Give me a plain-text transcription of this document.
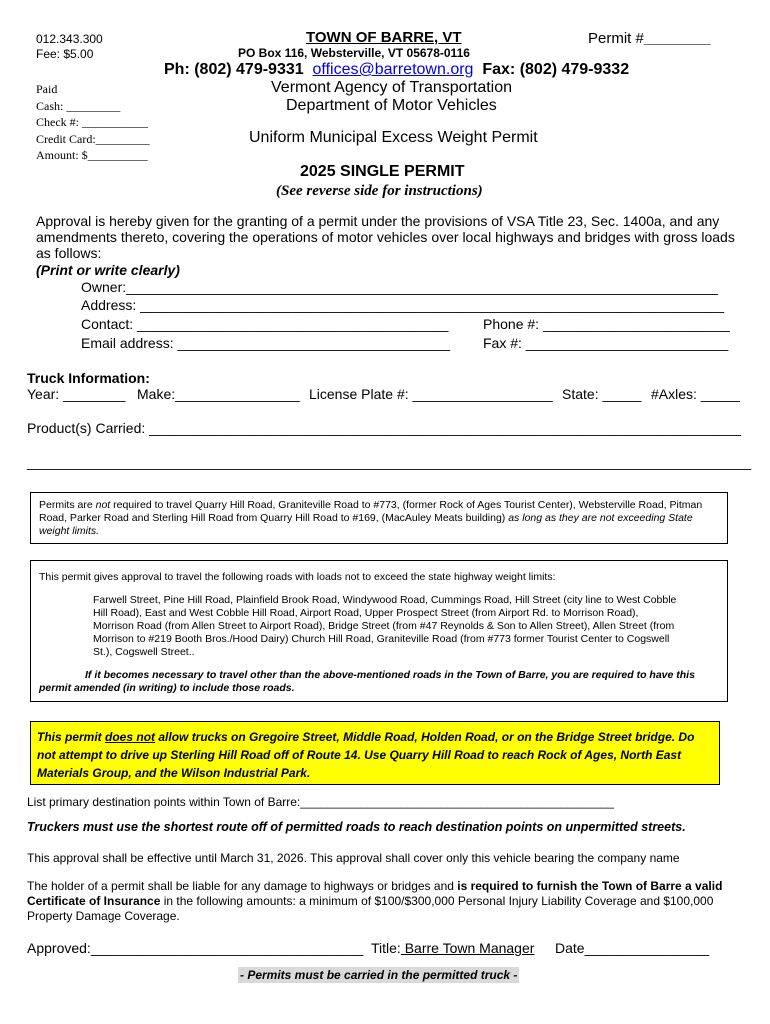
012.343.300
Fee: $5.00
TOWN OF BARRE, VT	Permit #________
PO Box 116, Websterville, VT 05678-0116
Ph: (802) 479-9331 offices@barretown.org Fax: (802) 479-9332
Vermont Agency of Transportation
Department of Motor Vehicles
Paid
Cash: _________
Check #: ___________
Credit Card:_________
Amount: $__________
Uniform Municipal Excess Weight Permit
2025 SINGLE PERMIT
(See reverse side for instructions)
Approval is hereby given for the granting of a permit under the provisions of VSA Title 23, Sec. 1400a, and any amendments thereto, covering the operations of motor vehicles over local highways and bridges with gross loads as follows:
(Print or write clearly)
Owner:____________________________________________________________________________
Address: ___________________________________________________________________________
Contact: ________________________________________
Email address: ___________________________________
Phone #: ________________________
Fax #: __________________________
Truck Information:
Year: ________ Make:________________ License Plate #: __________________ State: _____ #Axles: _____
Product(s) Carried: ____________________________________________________________________________
_____________________________________________________________________________________________

Permits are not required to travel Quarry Hill Road, Graniteville Road to #773, (former Rock of Ages Tourist Center), Websterville Road, Pitman Road, Parker Road and Sterling Hill Road from Quarry Hill Road to #169, (MacAuley Meats building) as long as they are not exceeding State weight limits.

This permit gives approval to travel the following roads with loads not to exceed the state highway weight limits:

Farwell Street, Pine Hill Road, Plainfield Brook Road, Windywood Road, Cummings Road, Hill Street (city line to West Cobble Hill Road), East and West Cobble Hill Road, Airport Road, Upper Prospect Street (from Airport Rd. to Morrison Road), Morrison Road (from Allen Street to Airport Road), Bridge Street (from #47 Reynolds & Son to Allen Street), Allen Street (from Morrison to #219 Booth Bros./Hood Dairy) Church Hill Road, Graniteville Road (from #773 former Tourist Center to Cogswell St.), Cogswell Street..

If it becomes necessary to travel other than the above-mentioned roads in the Town of Barre, you are required to have this permit amended (in writing) to include those roads.

This permit does not allow trucks on Gregoire Street, Middle Road, Holden Road, or on the Bridge Street bridge. Do not attempt to drive up Sterling Hill Road off of Route 14. Use Quarry Hill Road to reach Rock of Ages, North East Materials Group, and the Wilson Industrial Park.

List primary destination points within Town of Barre:_______________________________________________
Truckers must use the shortest route off of permitted roads to reach destination points on unpermitted streets.
This approval shall be effective until March 31, 2026. This approval shall cover only this vehicle bearing the company name
The holder of a permit shall be liable for any damage to highways or bridges and is required to furnish the Town of Barre a valid Certificate of Insurance in the following amounts: a minimum of $100/$300,000 Personal Injury Liability Coverage and $100,000 Property Damage Coverage.
Approved:___________________________________ Title: Barre Town Manager Date________________
- Permits must be carried in the permitted truck -
